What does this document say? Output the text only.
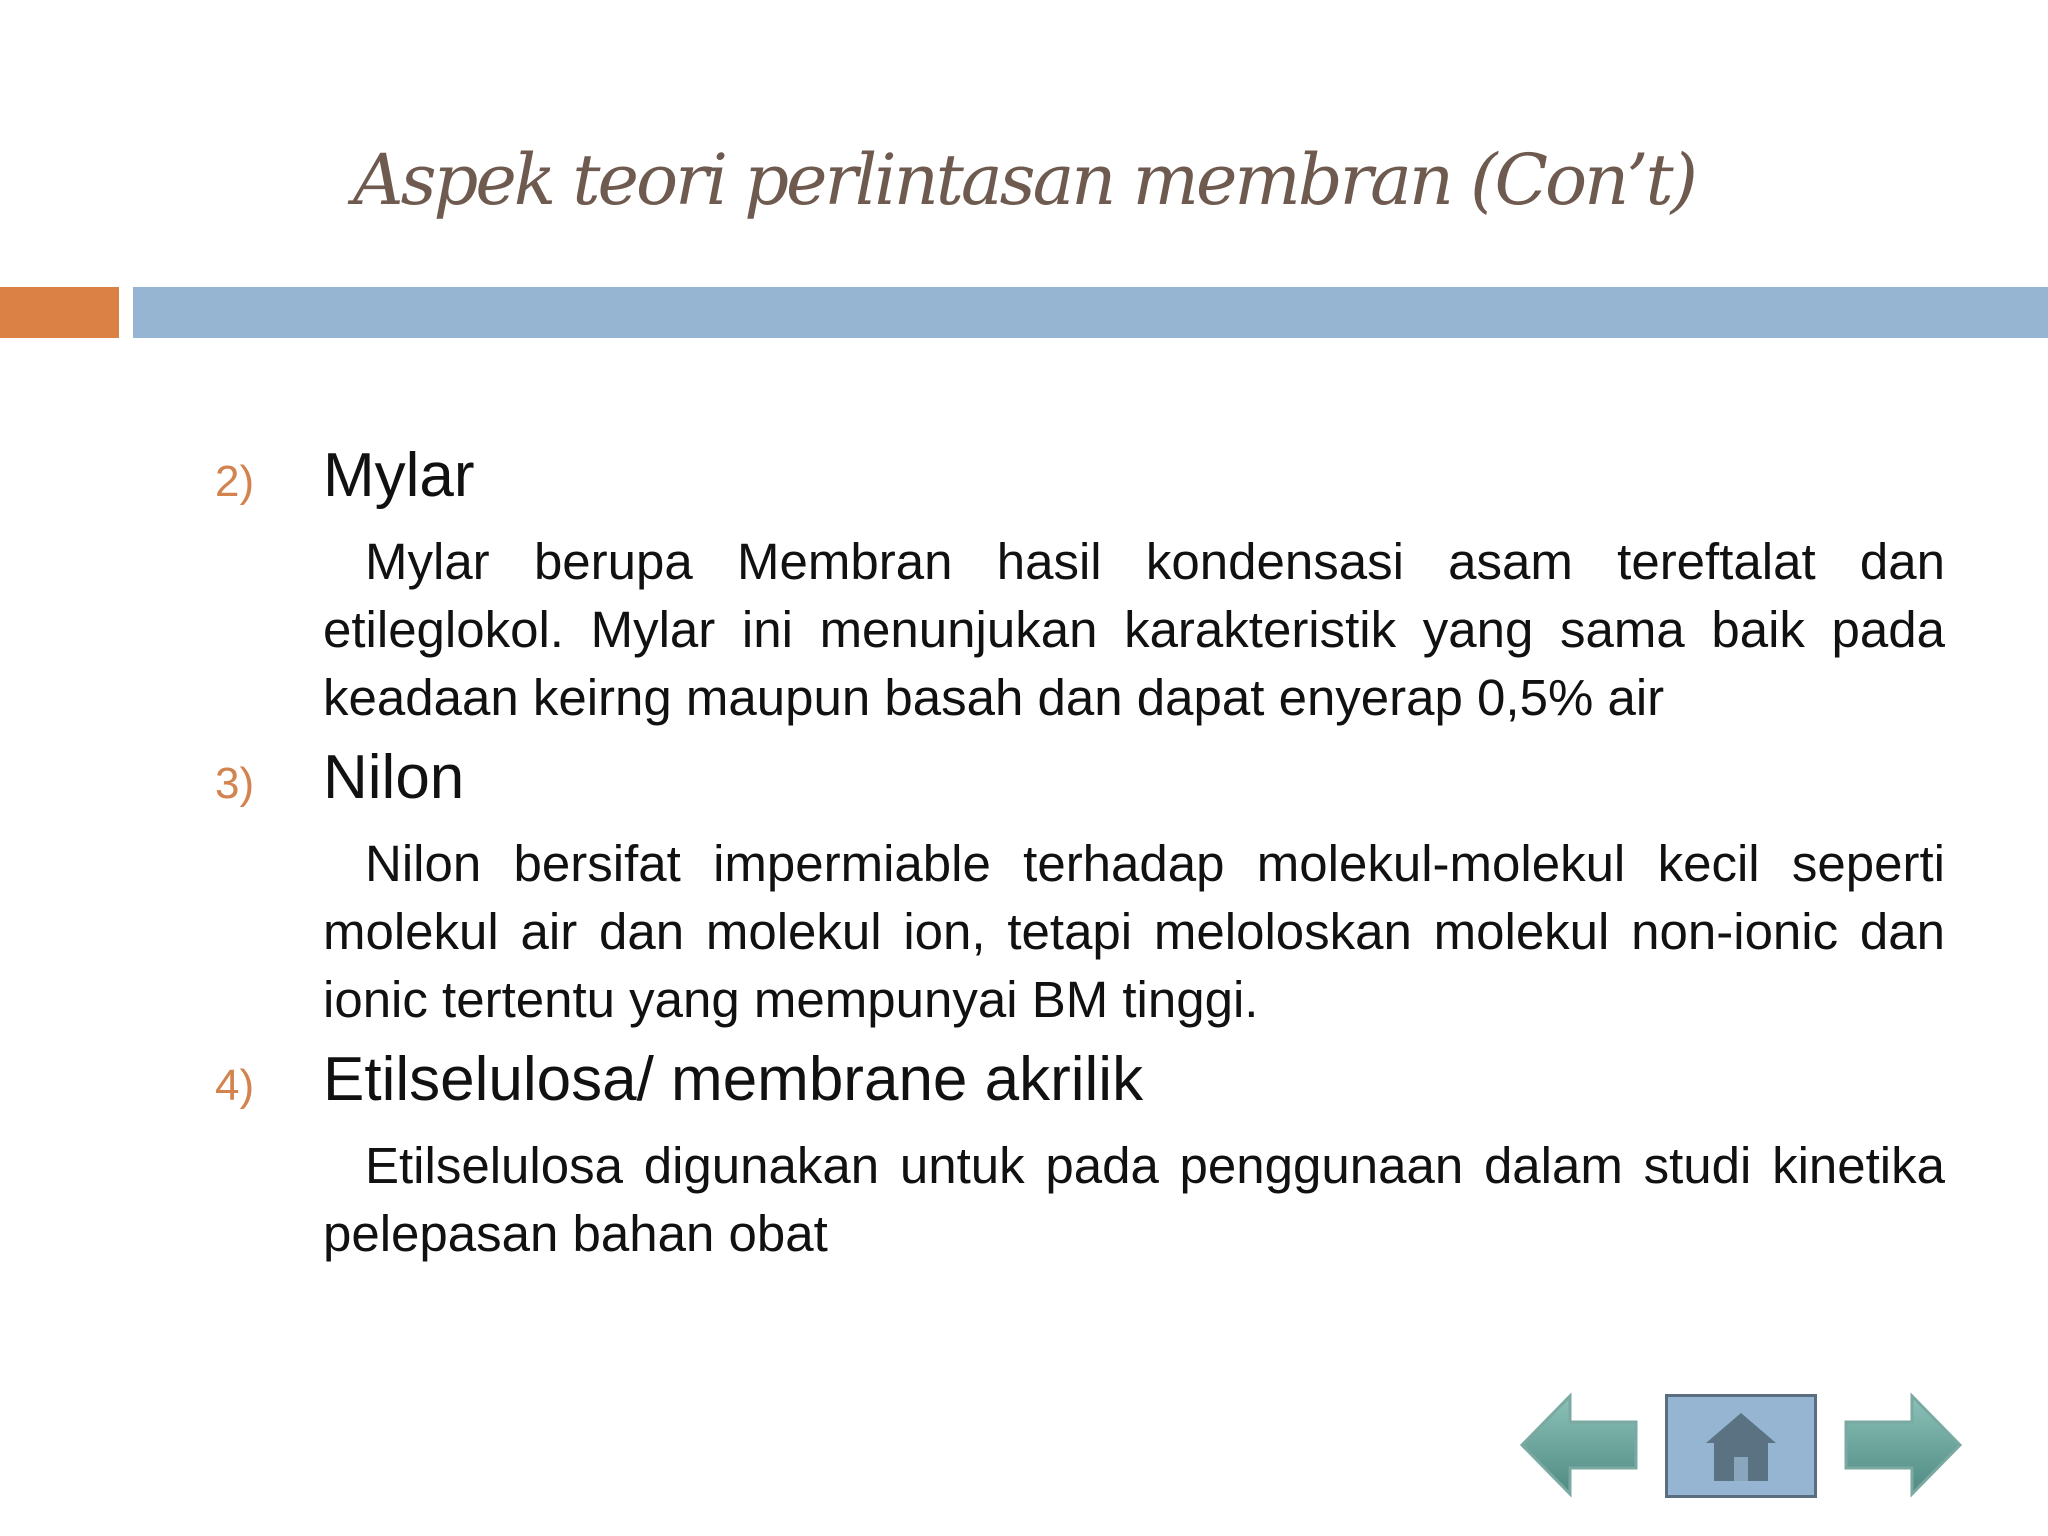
Aspek teori perlintasan membran (Con’t)
2)	Mylar
Mylar berupa Membran hasil kondensasi asam tereftalat dan etileglokol. Mylar ini menunjukan karakteristik yang sama baik pada keadaan keirng maupun basah dan dapat enyerap 0,5% air
3)	Nilon
Nilon bersifat impermiable terhadap molekul-molekul kecil seperti molekul air dan molekul ion, tetapi meloloskan molekul non-ionic dan ionic tertentu yang mempunyai BM tinggi.
4)	Etilselulosa/ membrane akrilik
Etilselulosa digunakan untuk pada penggunaan dalam studi kinetika pelepasan bahan obat
